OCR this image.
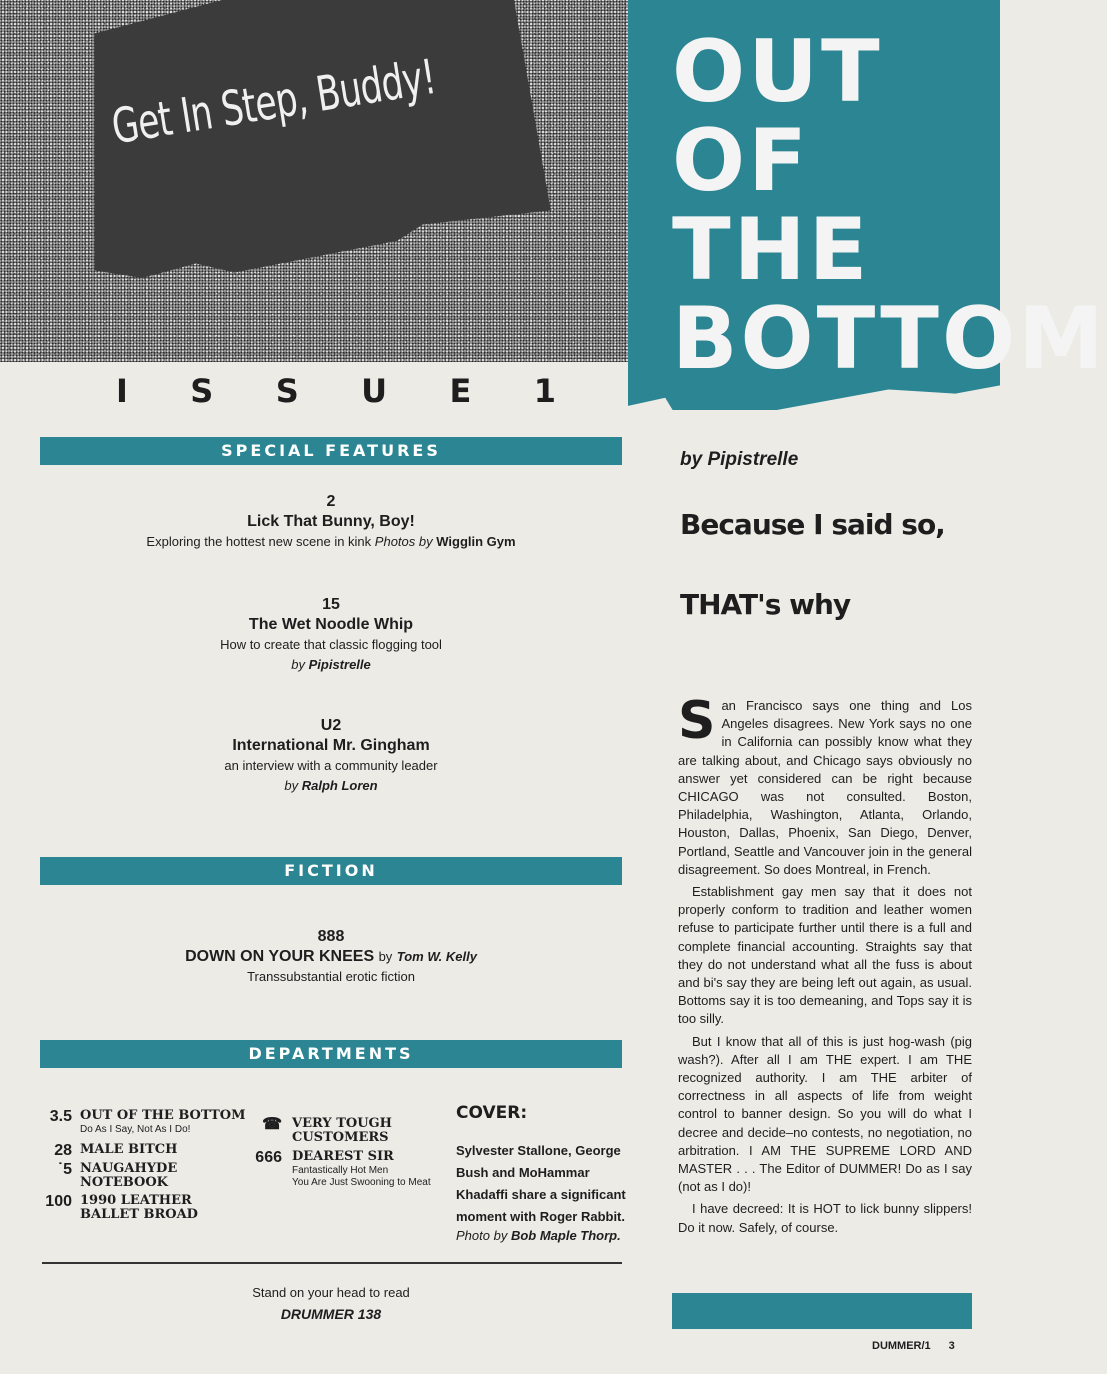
Get In Step, Buddy!	OUT
OF
THE
BOTTOM
I S S U E 1
SPECIAL FEATURES
2
Lick That Bunny, Boy!
Exploring the hottest new scene in kink Photos by Wigglin Gym
15
The Wet Noodle Whip
How to create that classic flogging tool
by Pipistrelle
U2
International Mr. Gingham
an interview with a community leader
by Ralph Loren
FICTION
888
DOWN ON YOUR KNEES by Tom W. Kelly
Transsubstantial erotic fiction
DEPARTMENTS
3.5 OUT OF THE BOTTOM
Do As I Say, Not As I Do!
28 MALE BITCH
˙5 NAUGAHYDE
NOTEBOOK
100 1990 LEATHER
BALLET BROAD
☎ VERY TOUGH
CUSTOMERS
666 DEAREST SIR
Fantastically Hot Men
You Are Just Swooning to Meat
COVER:
Sylvester Stallone, George Bush and MoHammar Khadaffi share a significant moment with Roger Rabbit.
Photo by Bob Maple Thorp.
Stand on your head to read
DRUMMER 138
by Pipistrelle
Because I said so,
THAT's why

San Francisco says one thing and Los Angeles disagrees. New York says no one in California can possibly know what they are talking about, and Chicago says obviously no answer yet considered can be right because CHICAGO was not consulted. Boston, Philadelphia, Washington, Atlanta, Orlando, Houston, Dallas, Phoenix, San Diego, Denver, Portland, Seattle and Vancouver join in the general disagreement. So does Montreal, in French.

Establishment gay men say that it does not properly conform to tradition and leather women refuse to participate further until there is a full and complete financial accounting. Straights say that they do not understand what all the fuss is about and bi's say they are being left out again, as usual. Bottoms say it is too demeaning, and Tops say it is too silly.

But I know that all of this is just hog-wash (pig wash?). After all I am THE expert. I am THE recognized authority. I am THE arbiter of correctness in all aspects of life from weight control to banner design. So you will do what I decree and decide–no contests, no negotiation, no arbitration. I AM THE SUPREME LORD AND MASTER . . . The Editor of DUMMER! Do as I say (not as I do)!

I have decreed: It is HOT to lick bunny slippers! Do it now. Safely, of course.

DUMMER/1 3
